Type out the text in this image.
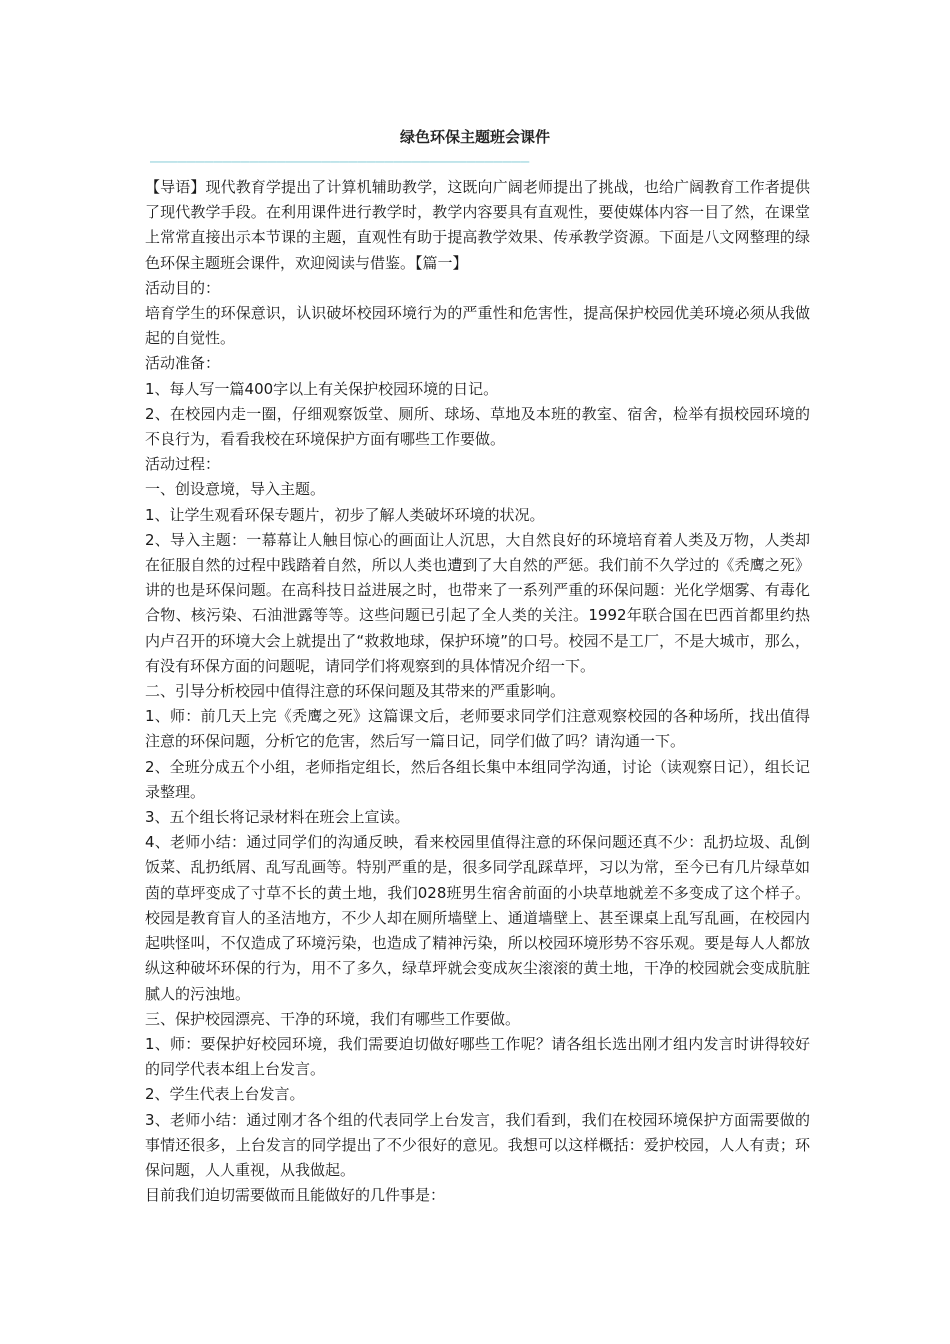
绿色环保主题班会课件
——————————————————————————————————————————

【导语】现代教育学提出了计算机辅助教学，这既向广阔老师提出了挑战，也给广阔教育工作者提供了现代教学手段。在利用课件进行教学时，教学内容要具有直观性，要使媒体内容一目了然，在课堂上常常直接出示本节课的主题，直观性有助于提高教学效果、传承教学资源。下面是八文网整理的绿色环保主题班会课件，欢迎阅读与借鉴。【篇一】

活动目的：

培育学生的环保意识，认识破坏校园环境行为的严重性和危害性，提高保护校园优美环境必须从我做起的自觉性。

活动准备：

1、每人写一篇400字以上有关保护校园环境的日记。

2、在校园内走一圈，仔细观察饭堂、厕所、球场、草地及本班的教室、宿舍，检举有损校园环境的不良行为，看看我校在环境保护方面有哪些工作要做。

活动过程：

一、创设意境，导入主题。

1、让学生观看环保专题片，初步了解人类破坏环境的状况。

2、导入主题：一幕幕让人触目惊心的画面让人沉思，大自然良好的环境培育着人类及万物，人类却在征服自然的过程中践踏着自然，所以人类也遭到了大自然的严惩。我们前不久学过的《秃鹰之死》讲的也是环保问题。在高科技日益进展之时，也带来了一系列严重的环保问题：光化学烟雾、有毒化合物、核污染、石油泄露等等。这些问题已引起了全人类的关注。1992年联合国在巴西首都里约热内卢召开的环境大会上就提出了“救救地球，保护环境”的口号。校园不是工厂，不是大城市，那么，有没有环保方面的问题呢，请同学们将观察到的具体情况介绍一下。

二、引导分析校园中值得注意的环保问题及其带来的严重影响。

1、师：前几天上完《秃鹰之死》这篇课文后，老师要求同学们注意观察校园的各种场所，找出值得注意的环保问题，分析它的危害，然后写一篇日记，同学们做了吗？请沟通一下。

2、全班分成五个小组，老师指定组长，然后各组长集中本组同学沟通，讨论（读观察日记），组长记录整理。

3、五个组长将记录材料在班会上宣读。

4、老师小结：通过同学们的沟通反映，看来校园里值得注意的环保问题还真不少：乱扔垃圾、乱倒饭菜、乱扔纸屑、乱写乱画等。特别严重的是，很多同学乱踩草坪，习以为常，至今已有几片绿草如茵的草坪变成了寸草不长的黄土地，我们028班男生宿舍前面的小块草地就差不多变成了这个样子。校园是教育盲人的圣洁地方，不少人却在厕所墙壁上、通道墙壁上、甚至课桌上乱写乱画，在校园内起哄怪叫，不仅造成了环境污染，也造成了精神污染，所以校园环境形势不容乐观。要是每人人都放纵这种破坏环保的行为，用不了多久，绿草坪就会变成灰尘滚滚的黄土地，干净的校园就会变成肮脏腻人的污浊地。

三、保护校园漂亮、干净的环境，我们有哪些工作要做。

1、师：要保护好校园环境，我们需要迫切做好哪些工作呢？请各组长选出刚才组内发言时讲得较好的同学代表本组上台发言。

2、学生代表上台发言。

3、老师小结：通过刚才各个组的代表同学上台发言，我们看到，我们在校园环境保护方面需要做的事情还很多，上台发言的同学提出了不少很好的意见。我想可以这样概括：爱护校园，人人有责；环保问题，人人重视，从我做起。

目前我们迫切需要做而且能做好的几件事是：
